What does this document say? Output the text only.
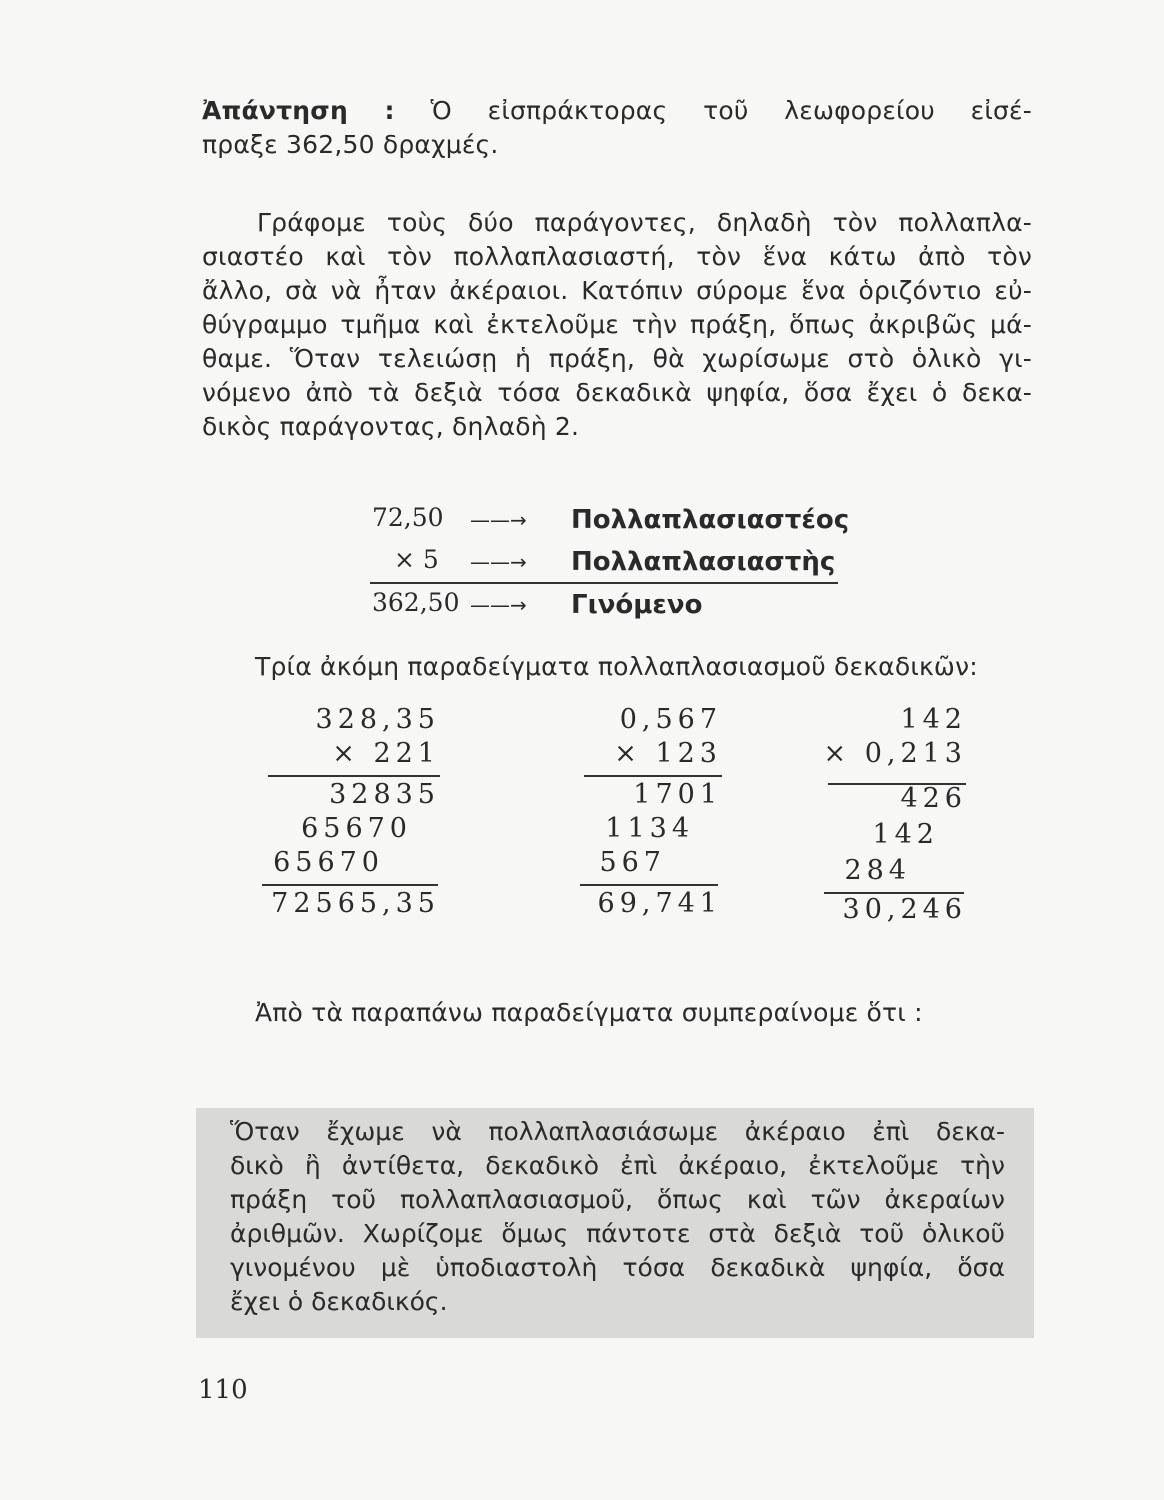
Ἀπάντηση : Ὁ εἰσπράκτορας τοῦ λεωφορείου εἰσέ-
πραξε 362,50 δραχμές.
Γράφομε τοὺς δύο παράγοντες, δηλαδὴ τὸν πολλαπλα-
σιαστέο καὶ τὸν πολλαπλασιαστή, τὸν ἕνα κάτω ἀπὸ τὸν
ἄλλο, σὰ νὰ ἦταν ἀκέραιοι. Κατόπιν σύρομε ἕνα ὁριζόντιο εὐ-
θύγραμμο τμῆμα καὶ ἐκτελοῦμε τὴν πράξη, ὅπως ἀκριβῶς μά-
θαμε. Ὅταν τελειώσῃ ἡ πράξη, θὰ χωρίσωμε στὸ ὁλικὸ γι-
νόμενο ἀπὸ τὰ δεξιὰ τόσα δεκαδικὰ ψηφία, ὅσα ἔχει ὁ δεκα-
δικὸς παράγοντας, δηλαδὴ 2.
72,50 ——→ Πολλαπλασιαστέος
× 5 ——→ Πολλαπλασιαστὴς
362,50 ——→ Γινόμενο
Τρία ἀκόμη παραδείγματα πολλαπλασιασμοῦ δεκαδικῶν:
328,35
× 221
32835
65670
65670
72565,35
0,567
× 123
1701
1134
567
69,741
142
× 0,213
426
142
284
30,246
Ἀπὸ τὰ παραπάνω παραδείγματα συμπεραίνομε ὅτι :
Ὅταν ἔχωμε νὰ πολλαπλασιάσωμε ἀκέραιο ἐπὶ δεκα-
δικὸ ἢ ἀντίθετα, δεκαδικὸ ἐπὶ ἀκέραιο, ἐκτελοῦμε τὴν
πράξη τοῦ πολλαπλασιασμοῦ, ὅπως καὶ τῶν ἀκεραίων
ἀριθμῶν. Χωρίζομε ὅμως πάντοτε στὰ δεξιὰ τοῦ ὁλικοῦ
γινομένου μὲ ὑποδιαστολὴ τόσα δεκαδικὰ ψηφία, ὅσα
ἔχει ὁ δεκαδικός.
110
